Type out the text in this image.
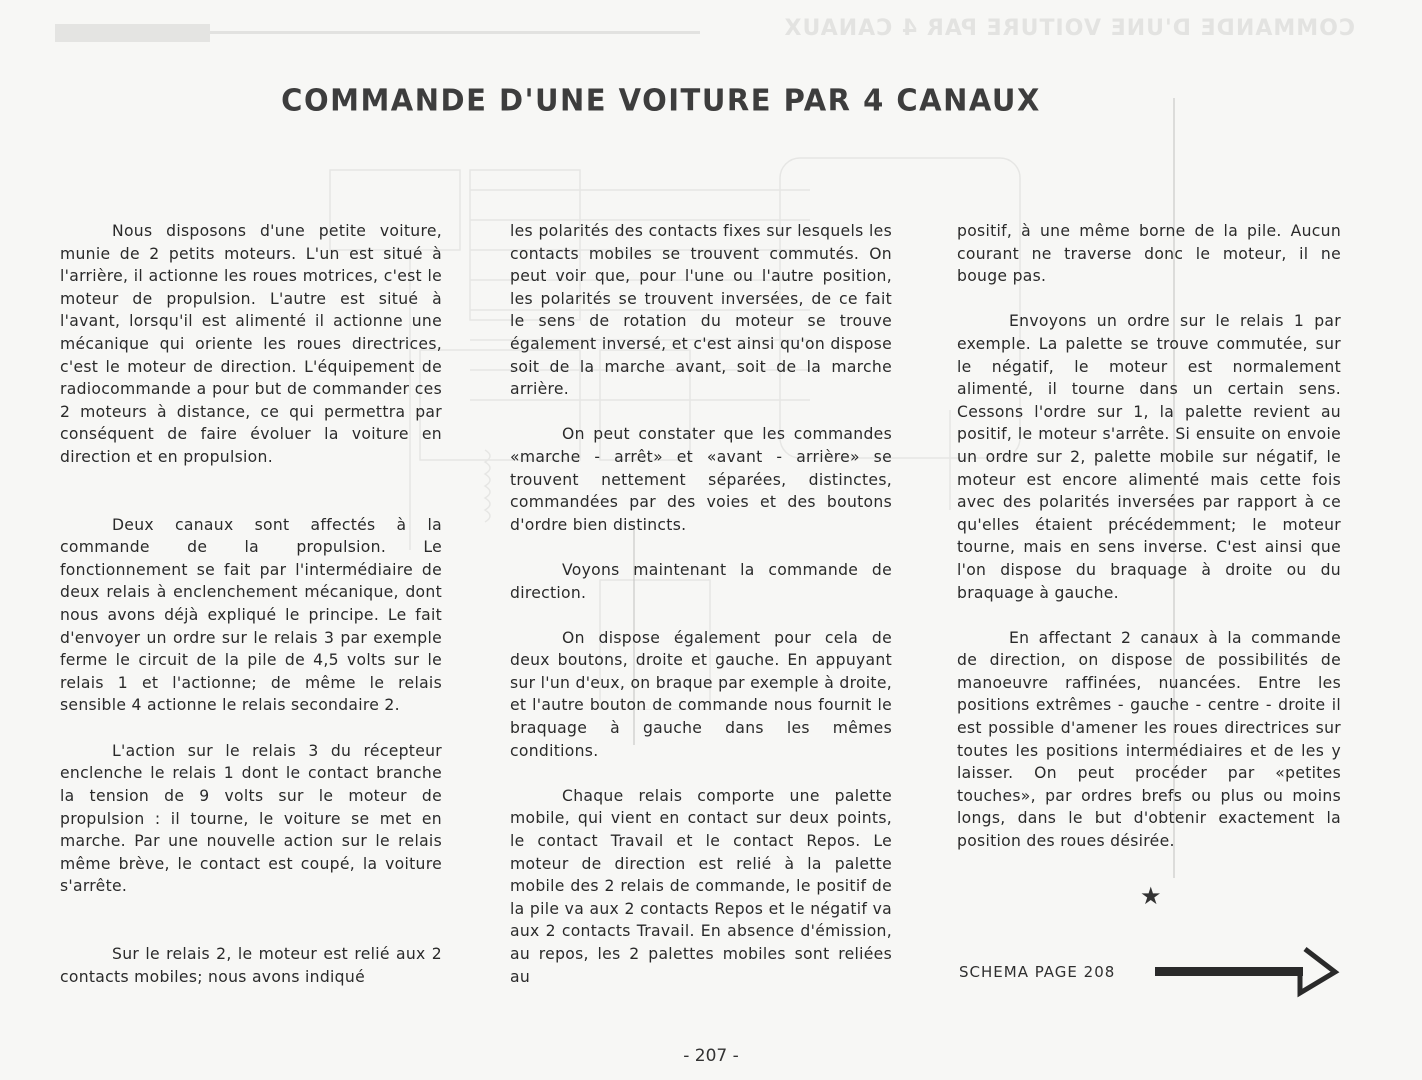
COMMANDE D'UNE VOITURE PAR 4 CANAUX
COMMANDE D'UNE VOITURE PAR 4 CANAUX

Nous disposons d'une petite voiture, munie de 2 petits moteurs. L'un est situé à l'arrière, il actionne les roues motrices, c'est le moteur de propulsion. L'autre est situé à l'avant, lorsqu'il est alimenté il actionne une mécanique qui oriente les roues directrices, c'est le moteur de direction. L'équipement de radiocommande a pour but de commander ces 2 moteurs à distance, ce qui permettra par conséquent de faire évoluer la voiture en direction et en propulsion.

Deux canaux sont affectés à la commande de la propulsion. Le fonctionnement se fait par l'intermédiaire de deux relais à enclenchement mécanique, dont nous avons déjà expliqué le principe. Le fait d'envoyer un ordre sur le relais 3 par exemple ferme le circuit de la pile de 4,5 volts sur le relais 1 et l'actionne; de même le relais sensible 4 actionne le relais secondaire 2.

L'action sur le relais 3 du récepteur enclenche le relais 1 dont le contact branche la tension de 9 volts sur le moteur de propulsion : il tourne, le voiture se met en marche. Par une nouvelle action sur le relais même brève, le contact est coupé, la voiture s'arrête.

Sur le relais 2, le moteur est relié aux 2 contacts mobiles; nous avons indiqué

les polarités des contacts fixes sur lesquels les contacts mobiles se trouvent commutés. On peut voir que, pour l'une ou l'autre position, les polarités se trouvent inversées, de ce fait le sens de rotation du moteur se trouve également inversé, et c'est ainsi qu'on dispose soit de la marche avant, soit de la marche arrière.

On peut constater que les commandes «marche - arrêt» et «avant - arrière» se trouvent nettement séparées, distinctes, commandées par des voies et des boutons d'ordre bien distincts.

Voyons maintenant la commande de direction.

On dispose également pour cela de deux boutons, droite et gauche. En appuyant sur l'un d'eux, on braque par exemple à droite, et l'autre bouton de commande nous fournit le braquage à gauche dans les mêmes conditions.

Chaque relais comporte une palette mobile, qui vient en contact sur deux points, le contact Travail et le contact Repos. Le moteur de direction est relié à la palette mobile des 2 relais de commande, le positif de la pile va aux 2 contacts Repos et le négatif va aux 2 contacts Travail. En absence d'émission, au repos, les 2 palettes mobiles sont reliées au

positif, à une même borne de la pile. Aucun courant ne traverse donc le moteur, il ne bouge pas.

Envoyons un ordre sur le relais 1 par exemple. La palette se trouve commutée, sur le négatif, le moteur est normalement alimenté, il tourne dans un certain sens. Cessons l'ordre sur 1, la palette revient au positif, le moteur s'arrête. Si ensuite on envoie un ordre sur 2, palette mobile sur négatif, le moteur est encore alimenté mais cette fois avec des polarités inversées par rapport à ce qu'elles étaient précédemment; le moteur tourne, mais en sens inverse. C'est ainsi que l'on dispose du braquage à droite ou du braquage à gauche.

En affectant 2 canaux à la commande de direction, on dispose de possibilités de manoeuvre raffinées, nuancées. Entre les positions extrêmes - gauche - centre - droite il est possible d'amener les roues directrices sur toutes les positions intermédiaires et de les y laisser. On peut procéder par «petites touches», par ordres brefs ou plus ou moins longs, dans le but d'obtenir exactement la position des roues désirée.

★
SCHEMA PAGE 208
- 207 -
